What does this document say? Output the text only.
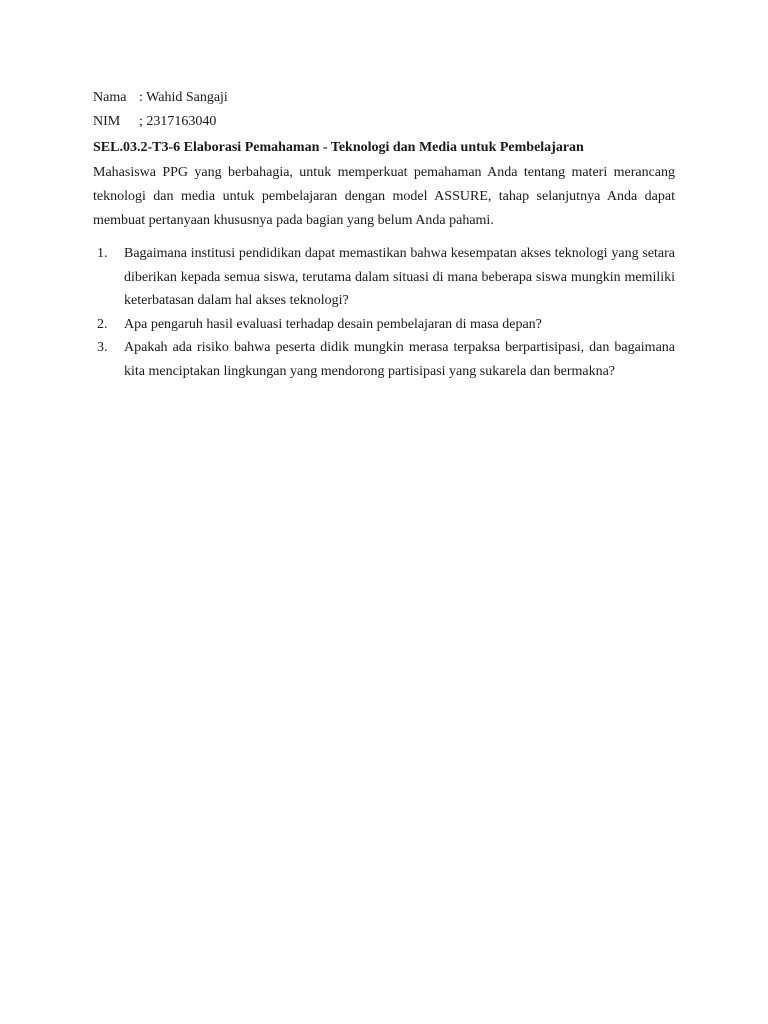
Nama : Wahid Sangaji
NIM	; 2317163040
SEL.03.2-T3-6 Elaborasi Pemahaman - Teknologi dan Media untuk Pembelajaran

Mahasiswa PPG yang berbahagia, untuk memperkuat pemahaman Anda tentang materi merancang teknologi dan media untuk pembelajaran dengan model ASSURE, tahap selanjutnya Anda dapat membuat pertanyaan khususnya pada bagian yang belum Anda pahami.

1.	Bagaimana institusi pendidikan dapat memastikan bahwa kesempatan akses teknologi yang setara diberikan kepada semua siswa, terutama dalam situasi di mana beberapa siswa mungkin memiliki keterbatasan dalam hal akses teknologi?
2.	Apa pengaruh hasil evaluasi terhadap desain pembelajaran di masa depan?
3.	Apakah ada risiko bahwa peserta didik mungkin merasa terpaksa berpartisipasi, dan bagaimana kita menciptakan lingkungan yang mendorong partisipasi yang sukarela dan bermakna?
